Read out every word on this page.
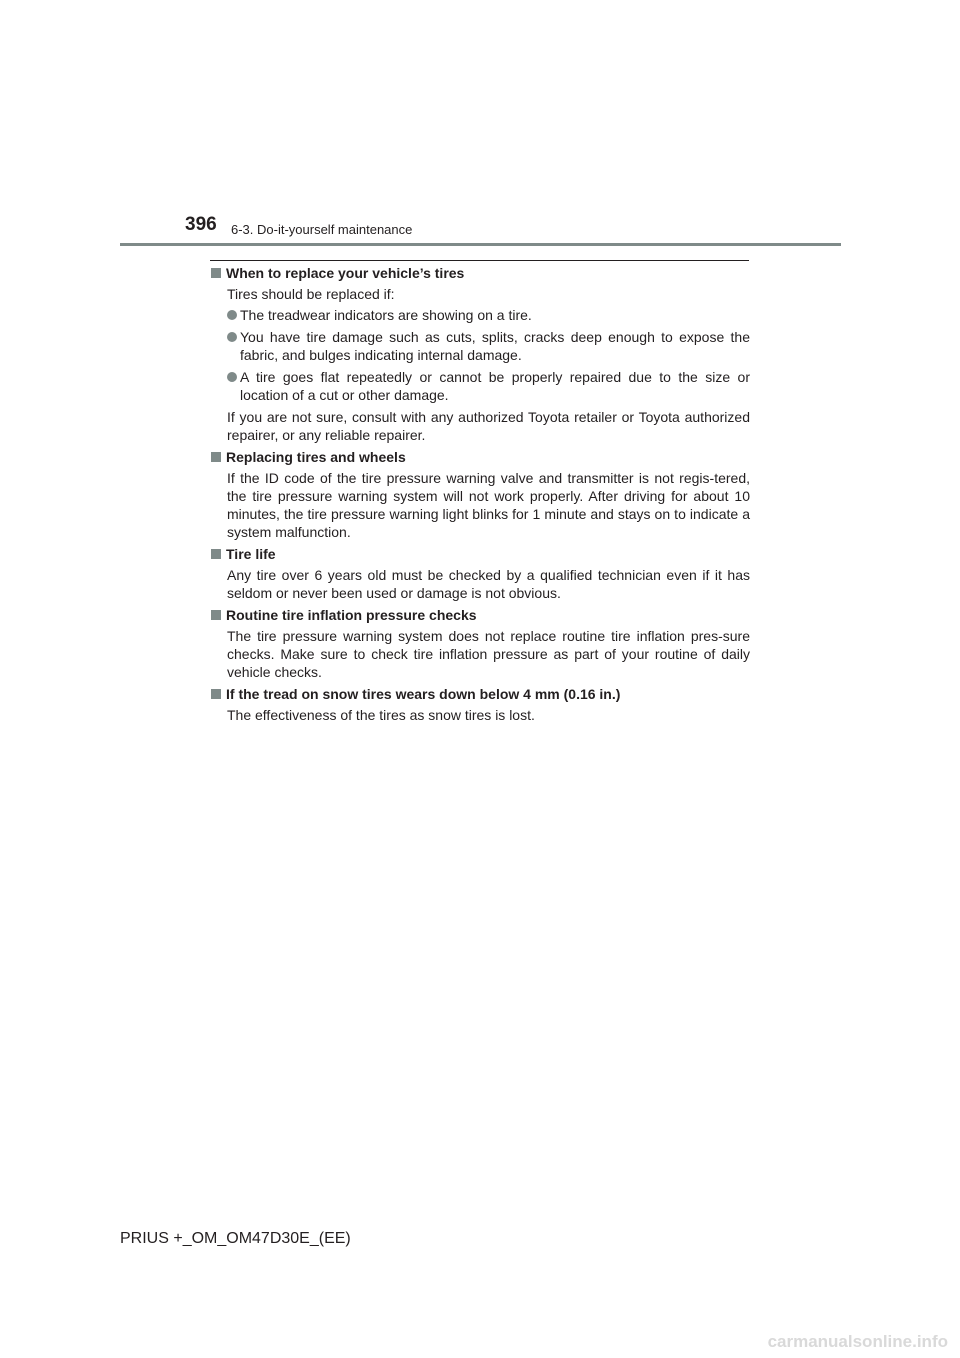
396 6-3. Do-it-yourself maintenance
When to replace your vehicle’s tires
Tires should be replaced if:
The treadwear indicators are showing on a tire.
You have tire damage such as cuts, splits, cracks deep enough to expose the fabric, and bulges indicating internal damage.
A tire goes flat repeatedly or cannot be properly repaired due to the size or location of a cut or other damage.
If you are not sure, consult with any authorized Toyota retailer or Toyota authorized repairer, or any reliable repairer.
Replacing tires and wheels
If the ID code of the tire pressure warning valve and transmitter is not regis-tered, the tire pressure warning system will not work properly. After driving for about 10 minutes, the tire pressure warning light blinks for 1 minute and stays on to indicate a system malfunction.
Tire life
Any tire over 6 years old must be checked by a qualified technician even if it has seldom or never been used or damage is not obvious.
Routine tire inflation pressure checks
The tire pressure warning system does not replace routine tire inflation pres-sure checks. Make sure to check tire inflation pressure as part of your routine of daily vehicle checks.
If the tread on snow tires wears down below 4 mm (0.16 in.)
The effectiveness of the tires as snow tires is lost.
PRIUS +_OM_OM47D30E_(EE)
carmanualsonline.info
